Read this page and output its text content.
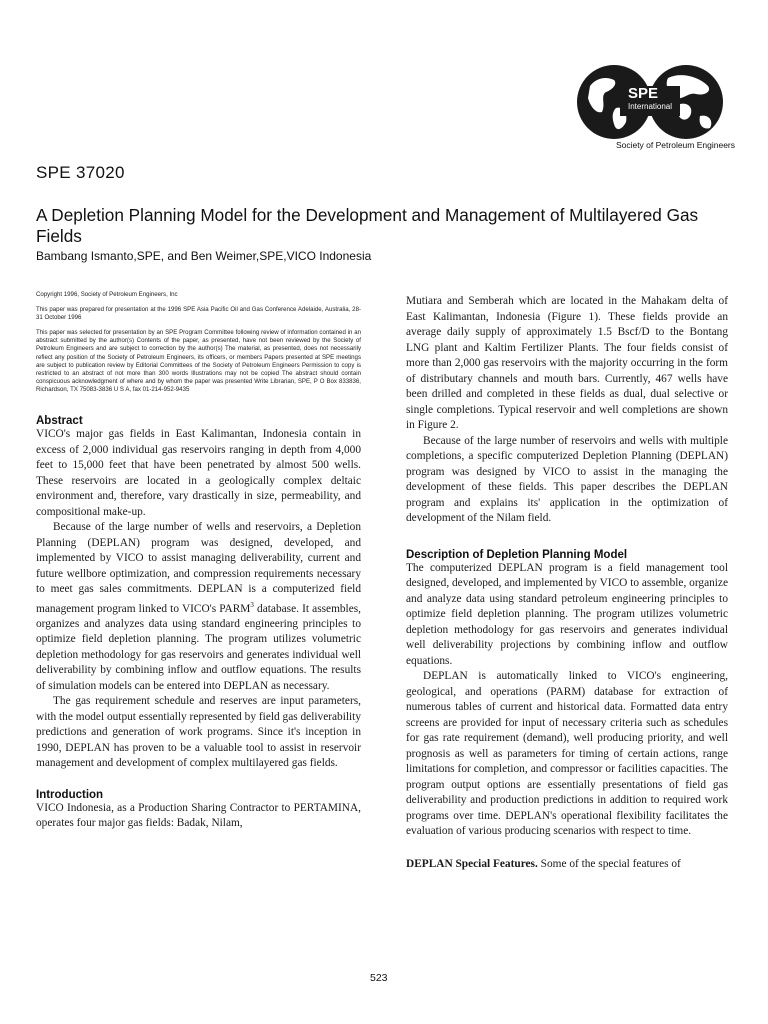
SPE
International
Society of Petroleum Engineers
SPE 37020
A Depletion Planning Model for the Development and Management of Multilayered Gas Fields
Bambang Ismanto,SPE, and Ben Weimer,SPE,VICO Indonesia

Copyright 1996, Society of Petroleum Engineers, Inc

This paper was prepared for presentation at the 1996 SPE Asia Pacific Oil and Gas Conference Adelaide, Australia, 28-31 October 1996

This paper was selected for presentation by an SPE Program Committee following review of information contained in an abstract submitted by the author(s) Contents of the paper, as presented, have not been reviewed by the Society of Petroleum Engineers and are subject to correction by the author(s) The material, as presented, does not necessarily reflect any position of the Society of Petroleum Engineers, its officers, or members Papers presented at SPE meetings are subject to publication review by Editorial Committees of the Society of Petroleum Engineers Permission to copy is restricted to an abstract of not more than 300 words Illustrations may not be copied The abstract should contain conspicuous acknowledgment of where and by whom the paper was presented Write Librarian, SPE, P O Box 833836, Richardson, TX 75083-3836 U S A, fax 01-214-952-9435

Abstract

VICO's major gas fields in East Kalimantan, Indonesia contain in excess of 2,000 individual gas reservoirs ranging in depth from 4,000 feet to 15,000 feet that have been penetrated by almost 500 wells. These reservoirs are located in a geologically complex deltaic environment and, therefore, vary drastically in size, permeability, and compositional make-up.

Because of the large number of wells and reservoirs, a Depletion Planning (DEPLAN) program was designed, developed, and implemented by VICO to assist managing deliverability, current and future wellbore optimization, and compression requirements necessary to meet gas sales commitments. DEPLAN is a computerized field management program linked to VICO's PARM$^3$ database. It assembles, organizes and analyzes data using standard engineering principles to optimize field depletion planning. The program utilizes volumetric depletion methodology for gas reservoirs and generates individual well deliverability by combining inflow and outflow equations. The results of simulation models can be entered into DEPLAN as necessary.

The gas requirement schedule and reserves are input parameters, with the model output essentially represented by field gas deliverability predictions and generation of work programs. Since it's inception in 1990, DEPLAN has proven to be a valuable tool to assist in reservoir management and development of complex multilayered gas fields.

Introduction

VICO Indonesia, as a Production Sharing Contractor to PERTAMINA, operates four major gas fields: Badak, Nilam,

Mutiara and Semberah which are located in the Mahakam delta of East Kalimantan, Indonesia (Figure 1). These fields provide an average daily supply of approximately 1.5 Bscf/D to the Bontang LNG plant and Kaltim Fertilizer Plants. The four fields consist of more than 2,000 gas reservoirs with the majority occurring in the form of distributary channels and mouth bars. Currently, 467 wells have been drilled and completed in these fields as dual, dual selective or single completions. Typical reservoir and well completions are shown in Figure 2.

Because of the large number of reservoirs and wells with multiple completions, a specific computerized Depletion Planning (DEPLAN) program was designed by VICO to assist in the managing the development of these fields. This paper describes the DEPLAN program and explains its' application in the optimization of development of the Nilam field.

Description of Depletion Planning Model

The computerized DEPLAN program is a field management tool designed, developed, and implemented by VICO to assemble, organize and analyze data using standard petroleum engineering principles to optimize field depletion planning. The program utilizes volumetric depletion methodology for gas reservoirs and generates individual well deliverability projections by combining inflow and outflow equations.

DEPLAN is automatically linked to VICO's engineering, geological, and operations (PARM) database for extraction of numerous tables of current and historical data. Formatted data entry screens are provided for input of necessary criteria such as schedules for gas rate requirement (demand), well producing priority, and well prognosis as well as parameters for timing of certain actions, range limitations for completion, and compressor or facilities capacities. The program output options are essentially presentations of field gas deliverability and production predictions in addition to required work programs over time. DEPLAN's operational flexibility facilitates the evaluation of various producing scenarios with respect to time.

DEPLAN Special Features. Some of the special features of

523
